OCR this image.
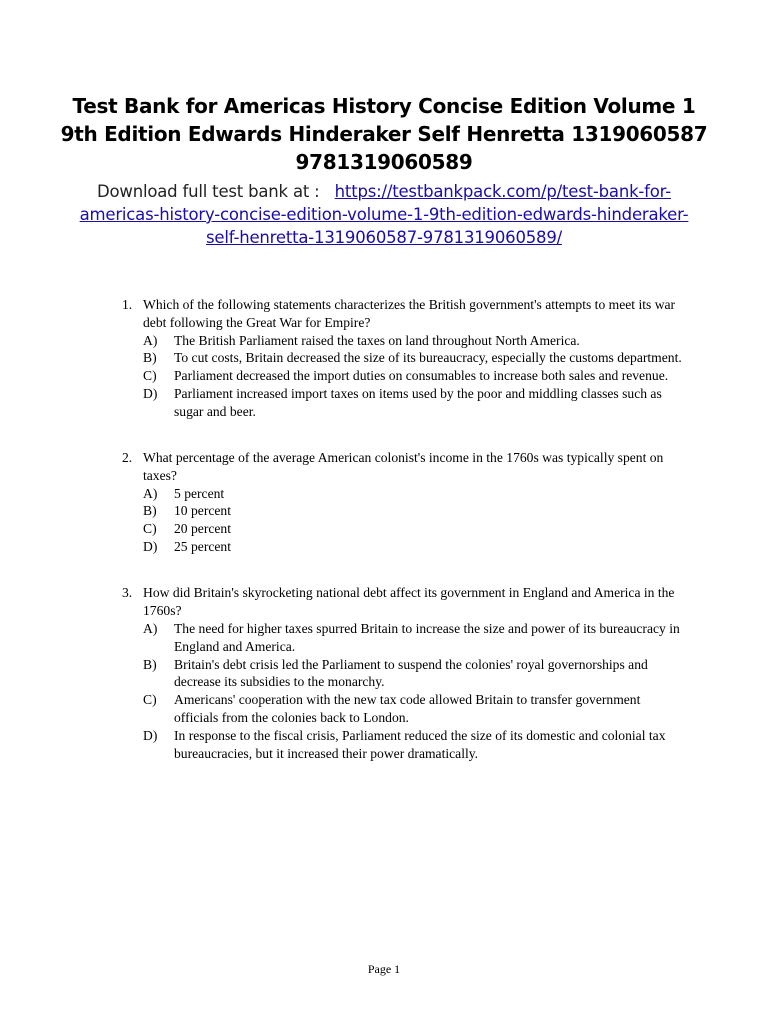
Test Bank for Americas History Concise Edition Volume 1 9th Edition Edwards Hinderaker Self Henretta 1319060587 9781319060589
Download full test bank at : https://testbankpack.com/p/test-bank-for-americas-history-concise-edition-volume-1-9th-edition-edwards-hinderaker-self-henretta-1319060587-9781319060589/
1. Which of the following statements characterizes the British government's attempts to meet its war debt following the Great War for Empire?
A) The British Parliament raised the taxes on land throughout North America.
B) To cut costs, Britain decreased the size of its bureaucracy, especially the customs department.
C) Parliament decreased the import duties on consumables to increase both sales and revenue.
D) Parliament increased import taxes on items used by the poor and middling classes such as sugar and beer.
2. What percentage of the average American colonist's income in the 1760s was typically spent on taxes?
A) 5 percent
B) 10 percent
C) 20 percent
D) 25 percent
3. How did Britain's skyrocketing national debt affect its government in England and America in the 1760s?
A) The need for higher taxes spurred Britain to increase the size and power of its bureaucracy in England and America.
B) Britain's debt crisis led the Parliament to suspend the colonies' royal governorships and decrease its subsidies to the monarchy.
C) Americans' cooperation with the new tax code allowed Britain to transfer government officials from the colonies back to London.
D) In response to the fiscal crisis, Parliament reduced the size of its domestic and colonial tax bureaucracies, but it increased their power dramatically.
Page 1
